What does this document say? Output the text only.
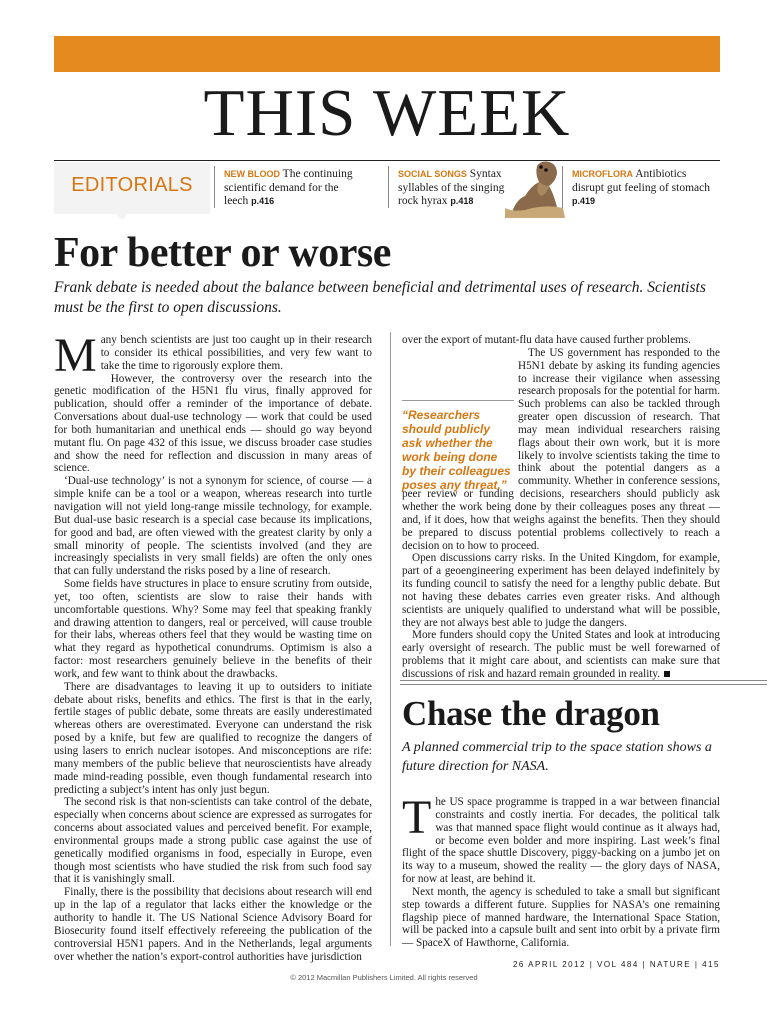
THIS WEEK
EDITORIALS	NEW BLOOD The continuing scientific demand for the leech p.416
SOCIAL SONGS Syntax syllables of the singing rock hyrax p.418
MICROFLORA Antibiotics disrupt gut feeling of stomach p.419
For better or worse
Frank debate is needed about the balance between beneficial and detrimental uses of research. Scientists must be the first to open discussions.

Many bench scientists are just too caught up in their research to consider its ethical possibilities, and very few want to take the time to rigorously explore them.

However, the controversy over the research into the genetic modification of the H5N1 flu virus, finally approved for publication, should offer a reminder of the importance of debate. Conversations about dual-use technology — work that could be used for both humanitarian and unethical ends — should go way beyond mutant flu. On page 432 of this issue, we discuss broader case studies and show the need for reflection and discussion in many areas of science.

‘Dual-use technology’ is not a synonym for science, of course — a simple knife can be a tool or a weapon, whereas research into turtle navigation will not yield long-range missile technology, for example. But dual-use basic research is a special case because its implications, for good and bad, are often viewed with the greatest clarity by only a small minority of people. The scientists involved (and they are increasingly specialists in very small fields) are often the only ones that can fully understand the risks posed by a line of research.

Some fields have structures in place to ensure scrutiny from outside, yet, too often, scientists are slow to raise their hands with uncomfortable questions. Why? Some may feel that speaking frankly and drawing attention to dangers, real or perceived, will cause trouble for their labs, whereas others feel that they would be wasting time on what they regard as hypothetical conundrums. Optimism is also a factor: most researchers genuinely believe in the benefits of their work, and few want to think about the drawbacks.

There are disadvantages to leaving it up to outsiders to initiate debate about risks, benefits and ethics. The first is that in the early, fertile stages of public debate, some threats are easily underestimated whereas others are overestimated. Everyone can understand the risk posed by a knife, but few are qualified to recognize the dangers of using lasers to enrich nuclear isotopes. And misconceptions are rife: many members of the public believe that neuroscientists have already made mind-reading possible, even though fundamental research into predicting a subject’s intent has only just begun.

The second risk is that non-scientists can take control of the debate, especially when concerns about science are expressed as surrogates for concerns about associated values and perceived benefit. For example, environmental groups made a strong public case against the use of genetically modified organisms in food, especially in Europe, even though most scientists who have studied the risk from such food say that it is vanishingly small.

Finally, there is the possibility that decisions about research will end up in the lap of a regulator that lacks either the knowledge or the authority to handle it. The US National Science Advisory Board for Biosecurity found itself effectively refereeing the publication of the controversial H5N1 papers. And in the Netherlands, legal arguments over whether the nation’s export-control authorities have jurisdiction

over the export of mutant-flu data have caused further problems.

The US government has responded to the H5N1 debate by asking its funding agencies to increase their vigilance when assessing research proposals for the potential for harm. Such problems can also be tackled through greater open discussion of research. That may mean individual researchers raising flags about their own work, but it is more likely to involve scientists taking the time to think about the potential dangers as a community. Whether in conference sessions, peer review or funding decisions, researchers should publicly ask whether the work being done by their colleagues poses any threat — and, if it does, how that weighs against the benefits. Then they should be prepared to discuss potential problems collectively to reach a decision on to how to proceed.

Open discussions carry risks. In the United Kingdom, for example, part of a geoengineering experiment has been delayed indefinitely by its funding council to satisfy the need for a lengthy public debate. But not having these debates carries even greater risks. And although scientists are uniquely qualified to understand what will be possible, they are not always best able to judge the dangers.

More funders should copy the United States and look at introducing early oversight of research. The public must be well forewarned of problems that it might care about, and scientists can make sure that discussions of risk and hazard remain grounded in reality.

“Researchers should publicly ask whether the work being done by their colleagues poses any threat.”
Chase the dragon
A planned commercial trip to the space station shows a future direction for NASA.

The US space programme is trapped in a war between financial constraints and costly inertia. For decades, the political talk was that manned space flight would continue as it always had, or become even bolder and more inspiring. Last week’s final flight of the space shuttle Discovery, piggy-backing on a jumbo jet on its way to a museum, showed the reality — the glory days of NASA, for now at least, are behind it.

Next month, the agency is scheduled to take a small but significant step towards a different future. Supplies for NASA’s one remaining flagship piece of manned hardware, the International Space Station, will be packed into a capsule built and sent into orbit by a private firm — SpaceX of Hawthorne, California.

26 APRIL 2012 | VOL 484 | NATURE | 415
© 2012 Macmillan Publishers Limited. All rights reserved
